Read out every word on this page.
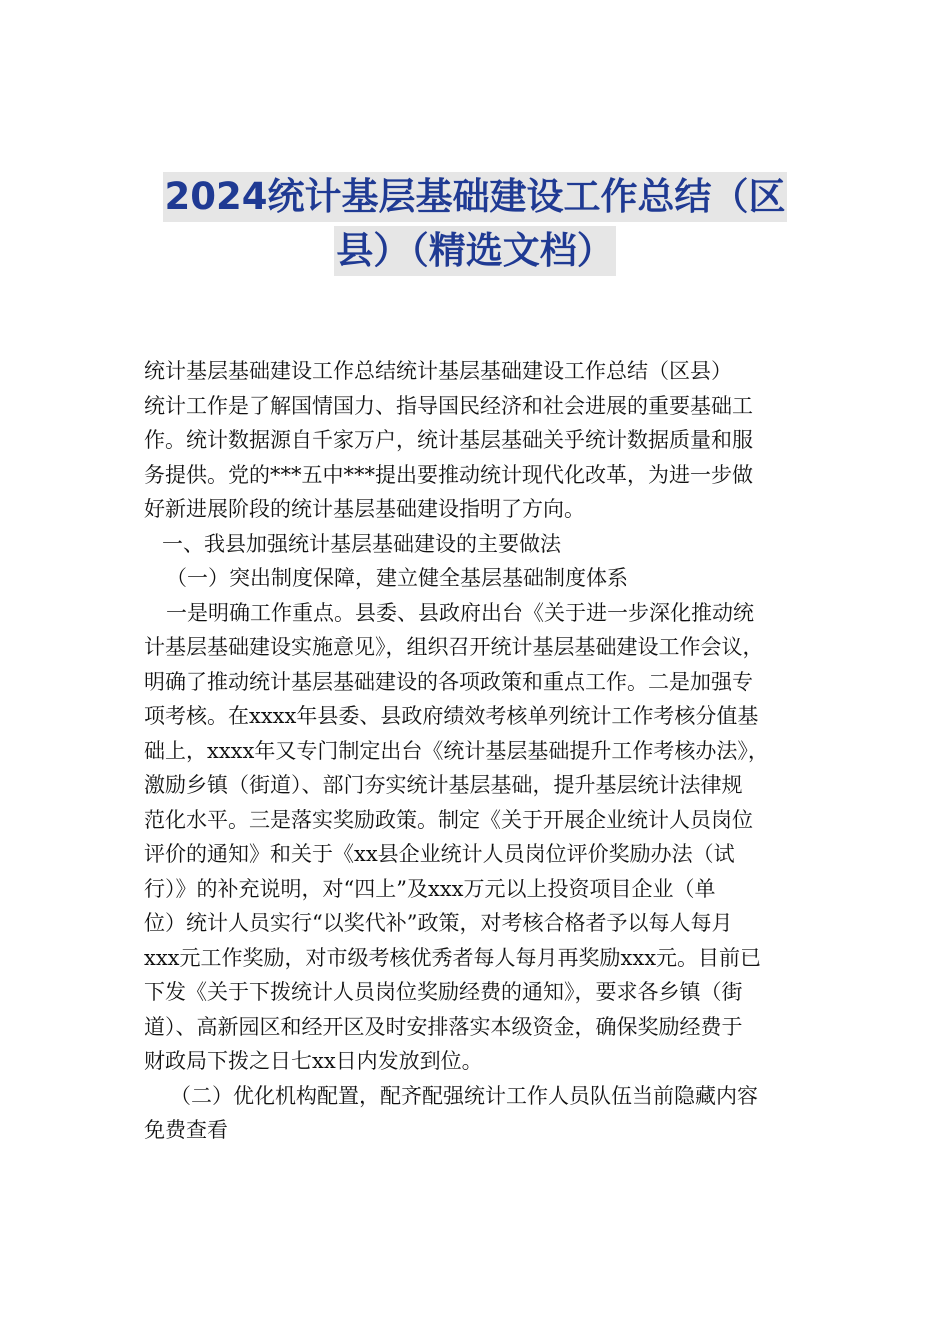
2024统计基层基础建设工作总结（区
县）（精选文档）
统计基层基础建设工作总结统计基层基础建设工作总结（区县）
统计工作是了解国情国力、指导国民经济和社会进展的重要基础工
作。统计数据源自千家万户，统计基层基础关乎统计数据质量和服
务提供。党的***五中***提出要推动统计现代化改革，为进一步做
好新进展阶段的统计基层基础建设指明了方向。
一、我县加强统计基层基础建设的主要做法
（一）突出制度保障，建立健全基层基础制度体系
一是明确工作重点。县委、县政府出台《关于进一步深化推动统
计基层基础建设实施意见》，组织召开统计基层基础建设工作会议，
明确了推动统计基层基础建设的各项政策和重点工作。二是加强专
项考核。在xxxx年县委、县政府绩效考核单列统计工作考核分值基
础上，xxxx年又专门制定出台《统计基层基础提升工作考核办法》，
激励乡镇（街道）、部门夯实统计基层基础，提升基层统计法律规
范化水平。三是落实奖励政策。制定《关于开展企业统计人员岗位
评价的通知》和关于《xx县企业统计人员岗位评价奖励办法（试
行）》的补充说明，对“四上”及xxx万元以上投资项目企业（单
位）统计人员实行“以奖代补”政策，对考核合格者予以每人每月
xxx元工作奖励，对市级考核优秀者每人每月再奖励xxx元。目前已
下发《关于下拨统计人员岗位奖励经费的通知》，要求各乡镇（街
道）、高新园区和经开区及时安排落实本级资金，确保奖励经费于
财政局下拨之日七xx日内发放到位。
（二）优化机构配置，配齐配强统计工作人员队伍当前隐藏内容
免费查看
